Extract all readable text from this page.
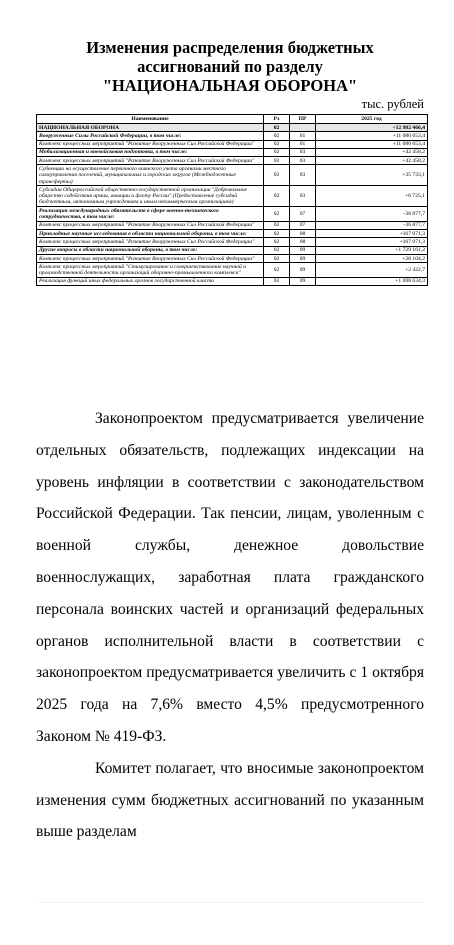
Изменения распределения бюджетных
ассигнований по разделу
"НАЦИОНАЛЬНАЯ ОБОРОНА"
тыс. рублей
Наименование	Рз	ПР	2025 год
НАЦИОНАЛЬНАЯ ОБОРОНА	02		+12 982 466,4
Вооруженные Силы Российской Федерации, в том числе:	02	01	+11 080 653,4
Комплекс процессных мероприятий "Развитие Вооруженных Сил Российской Федерации"	02	01	+11 080 653,4
Мобилизационная и вневойсковая подготовка, в том числе:	02	03	+42 458,2
Комплекс процессных мероприятий "Развитие Вооруженных Сил Российской Федерации"	02	03	+42 458,2
Субвенции на осуществление первичного воинского учета органами местного самоуправления поселений, муниципальных и городских округов (Межбюджетные трансферты)	02	03	+35 733,1
Субсидии Общероссийской общественно-государственной организации "Добровольное общество содействия армии, авиации и флоту России" (Предоставление субсидий бюджетным, автономным учреждениям и иным некоммерческим организациям)	02	03	+6 725,1
Реализация международных обязательств в сфере военно-технического сотрудничества, в том числе:	02	07	-36 877,7
Комплекс процессных мероприятий "Развитие Вооруженных Сил Российской Федерации"	02	07	-36 877,7
Прикладные научные исследования в области национальной обороны, в том числе:	02	08	+167 071,3
Комплекс процессных мероприятий "Развитие Вооруженных Сил Российской Федерации"	02	08	+167 071,3
Другие вопросы в области национальной обороны, в том числе:	02	09	+1 729 161,2
Комплекс процессных мероприятий "Развитие Вооруженных Сил Российской Федерации"	02	09	+28 104,2
Комплекс процессных мероприятий "Стимулирование и совершенствование научной и производственной деятельности организаций оборонно-промышленного комплекса"	02	09	+2 422,7
Реализация функций иных федеральных органов государственной власти	02	09	+1 698 634,3

Законопроектом предусматривается увеличение отдельных обязательств, подлежащих индексации на уровень инфляции в соответствии с законодательством Российской Федерации. Так пенсии, лицам, уволенным с военной службы, денежное довольствие военнослужащих, заработная плата гражданского персонала воинских частей и организаций федеральных органов исполнительной власти в соответствии с законопроектом предусматривается увеличить с 1 октября 2025 года на 7,6% вместо 4,5% предусмотренного Законом № 419-ФЗ.

Комитет полагает, что вносимые законопроектом изменения сумм бюджетных ассигнований по указанным выше разделам
